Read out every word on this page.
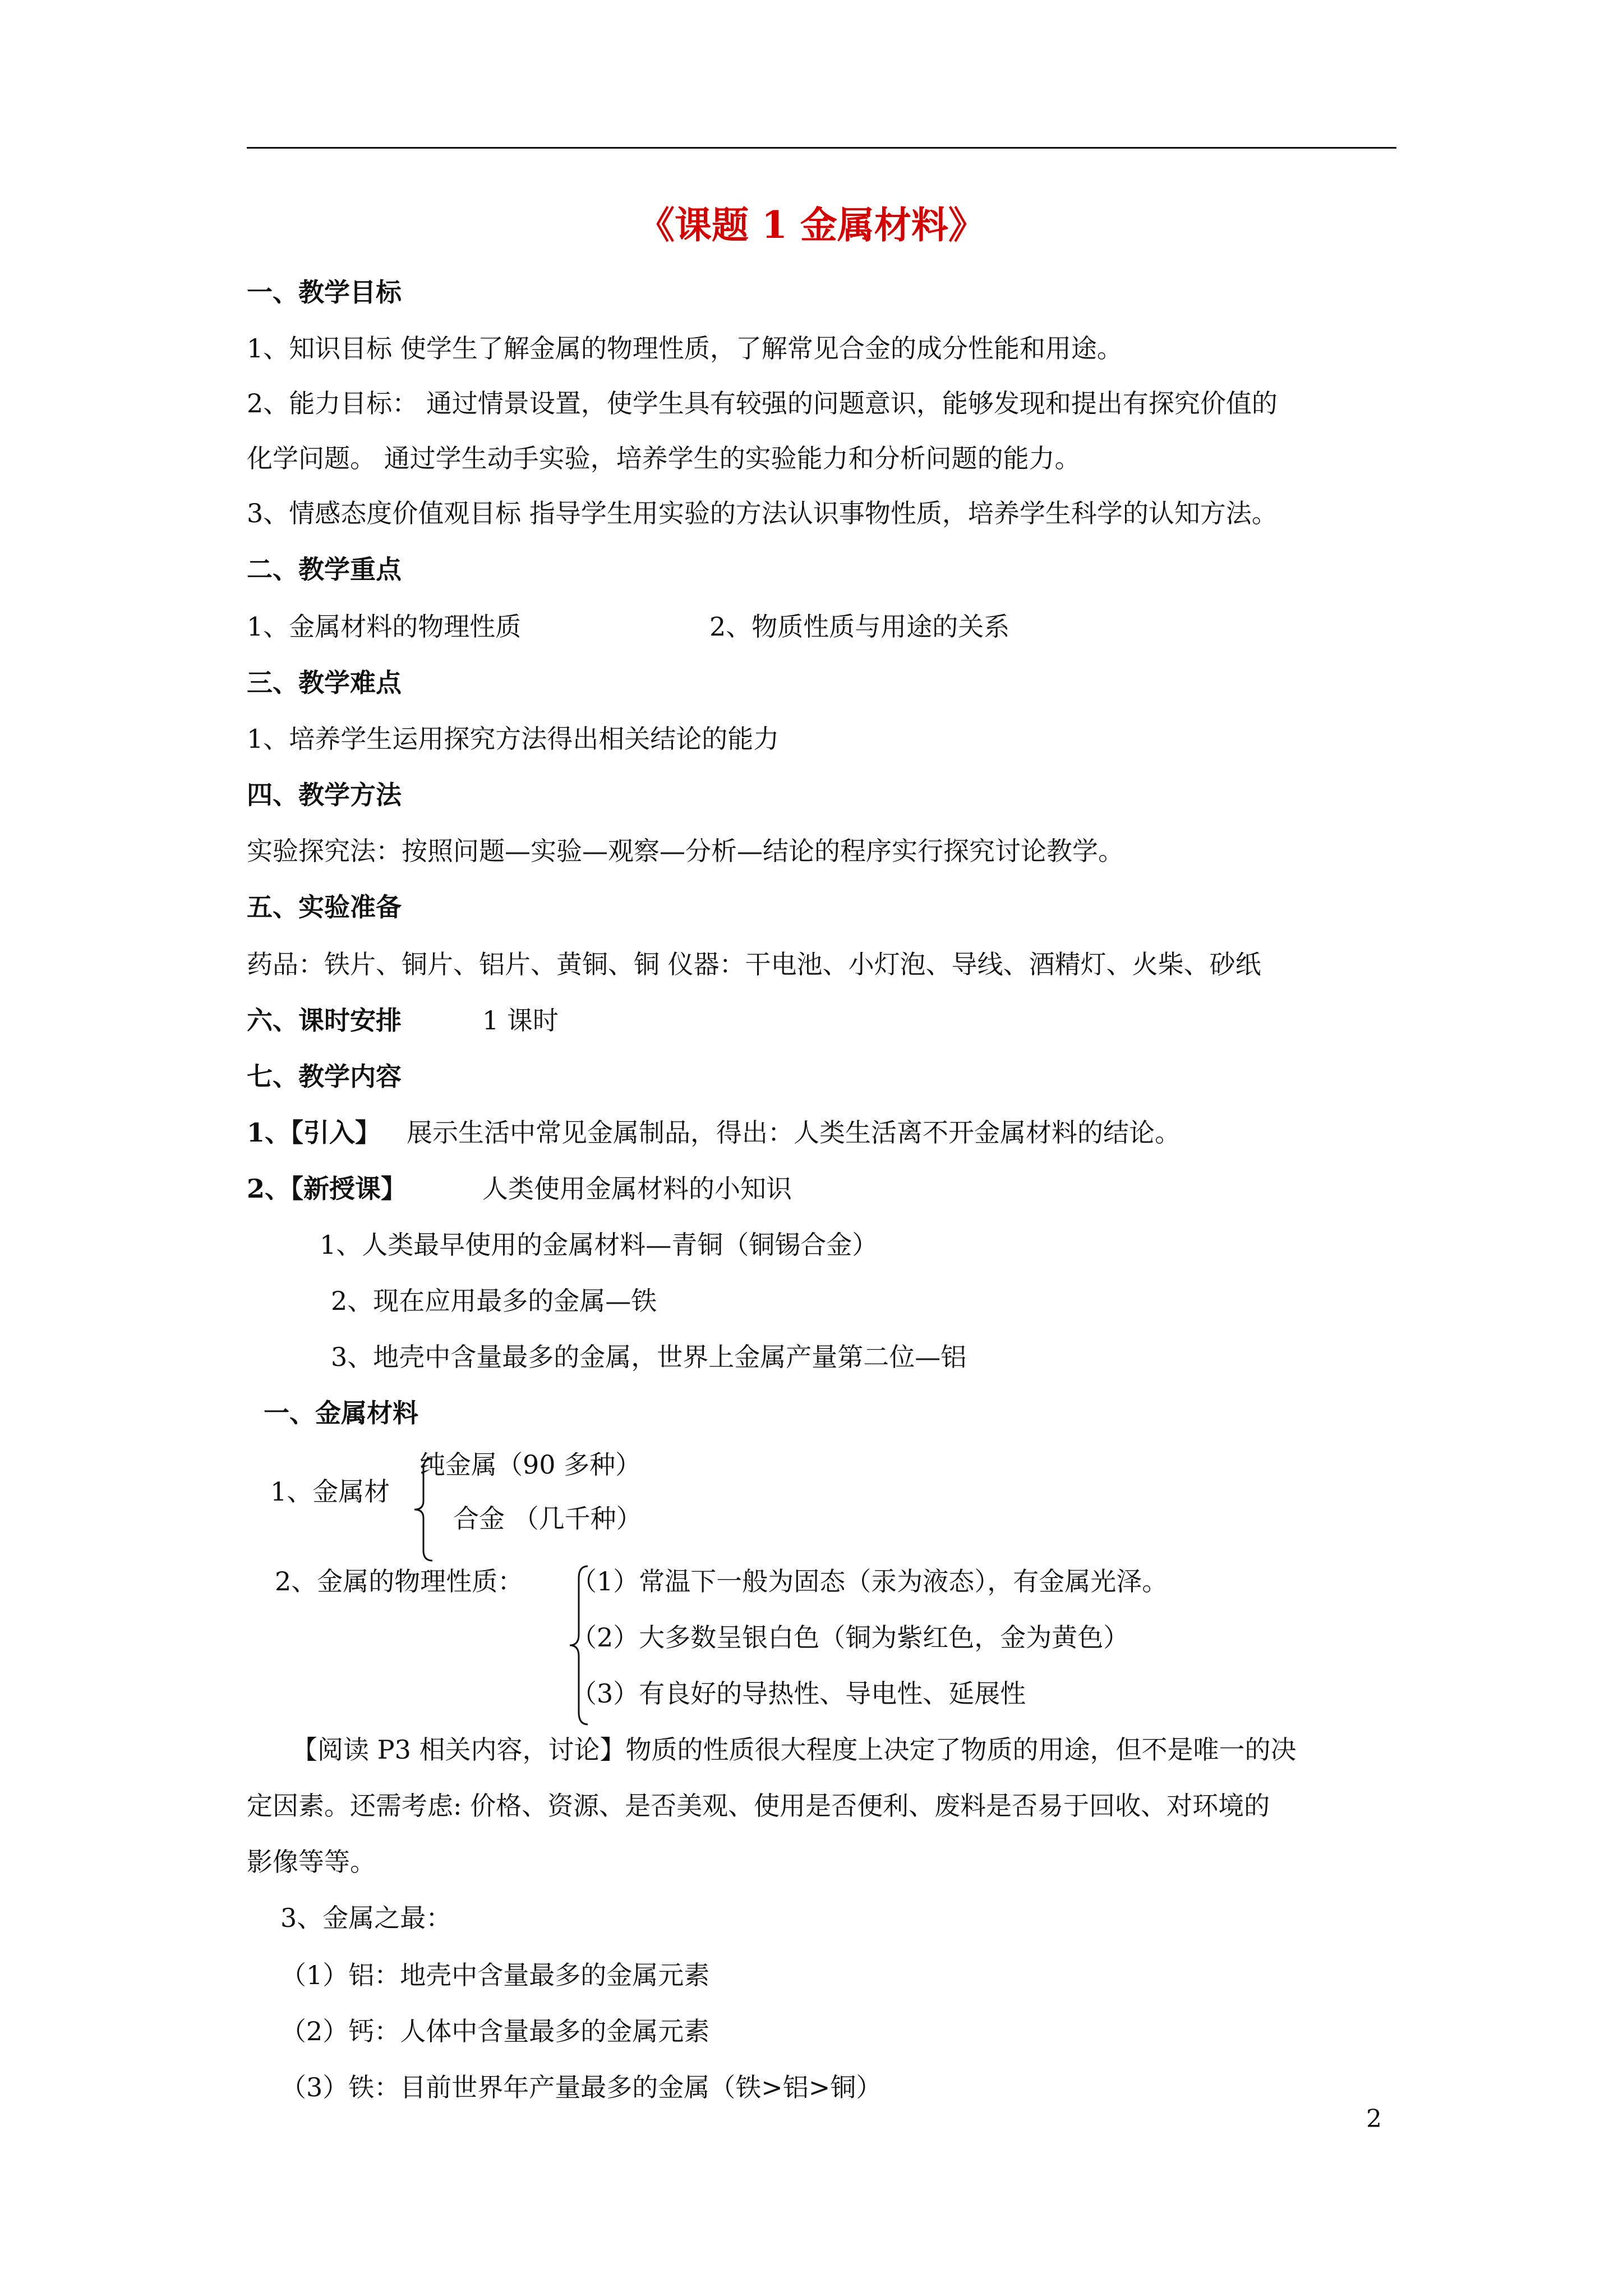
《课题 1 金属材料》
一、教学目标
1、知识目标 使学生了解金属的物理性质，了解常见合金的成分性能和用途。
2、能力目标： 通过情景设置，使学生具有较强的问题意识，能够发现和提出有探究价值的
化学问题。 通过学生动手实验，培养学生的实验能力和分析问题的能力。
3、情感态度价值观目标 指导学生用实验的方法认识事物性质，培养学生科学的认知方法。
二、教学重点
1、金属材料的物理性质	2、物质性质与用途的关系
三、教学难点
1、培养学生运用探究方法得出相关结论的能力
四、教学方法
实验探究法：按照问题—实验—观察—分析—结论的程序实行探究讨论教学。
五、实验准备
药品：铁片、铜片、铝片、黄铜、铜 仪器：干电池、小灯泡、导线、酒精灯、火柴、砂纸
六、课时安排	1 课时
七、教学内容
1、【引入】 展示生活中常见金属制品，得出：人类生活离不开金属材料的结论。
2、【新授课】	人类使用金属材料的小知识
1、人类最早使用的金属材料—青铜（铜锡合金）
2、现在应用最多的金属—铁
3、地壳中含量最多的金属，世界上金属产量第二位—铝
一、金属材料
1、金属材
纯金属（90 多种）
合金 （几千种）
2、金属的物理性质： （1）常温下一般为固态（汞为液态），有金属光泽。
（2）大多数呈银白色（铜为紫红色，金为黄色）
（3）有良好的导热性、导电性、延展性
【阅读 P3 相关内容，讨论】物质的性质很大程度上决定了物质的用途，但不是唯一的决
定因素。还需考虑: 价格、资源、是否美观、使用是否便利、废料是否易于回收、对环境的
影像等等。
3、金属之最：
（1）铝：地壳中含量最多的金属元素
（2）钙：人体中含量最多的金属元素
（3）铁：目前世界年产量最多的金属（铁>铝>铜）
2
